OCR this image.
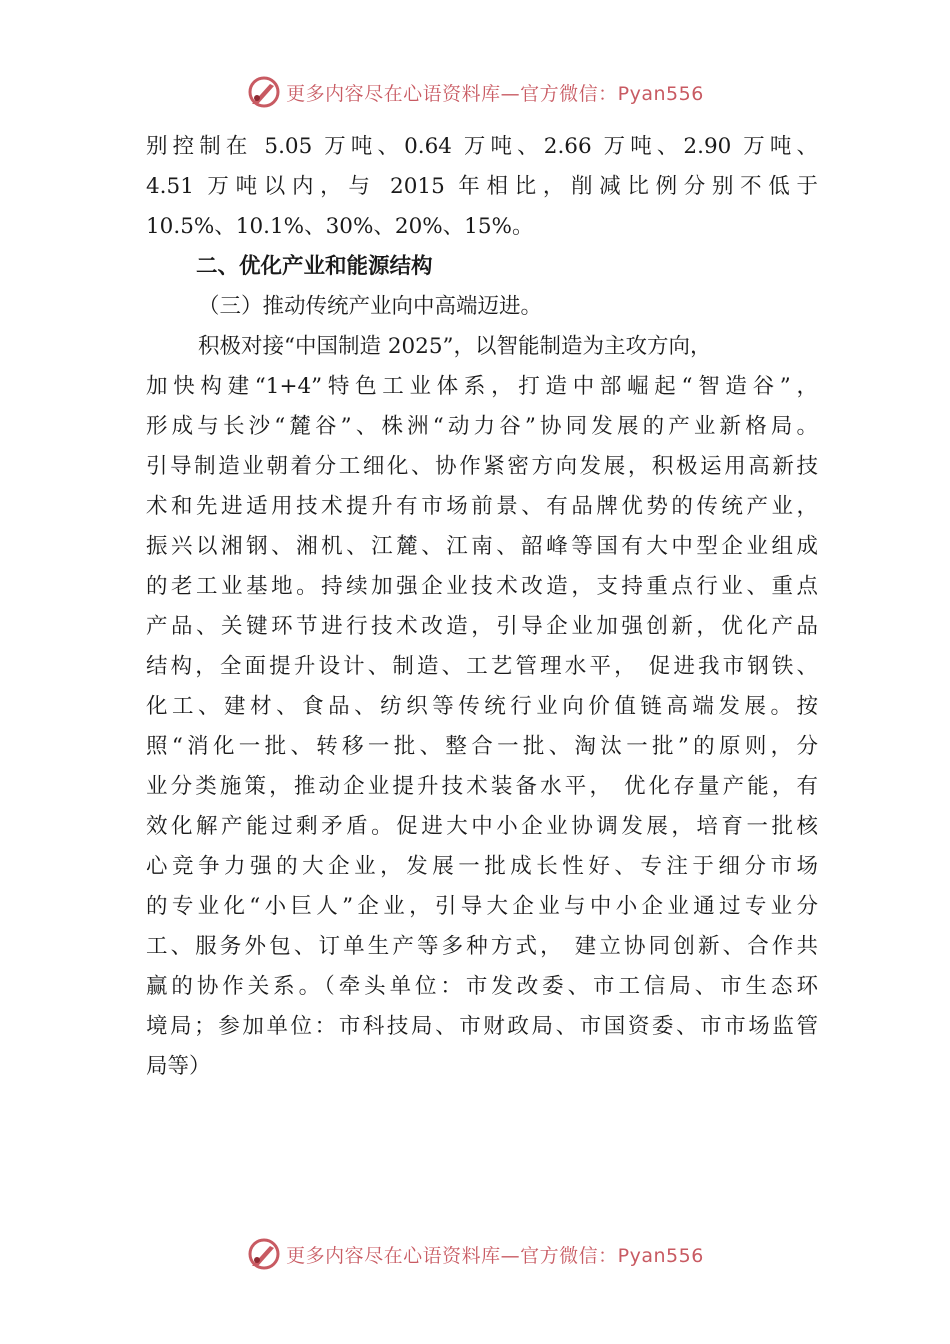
更多内容尽在心语资料库—官方微信：Pyan556
别控制在 5.05 万吨、0.64 万吨、2.66 万吨、2.90 万吨、
4.51 万吨以内，与 2015 年相比，削减比例分别不低于
10.5%、10.1%、30%、20%、15%。
二、优化产业和能源结构
（三）推动传统产业向中高端迈进。
积极对接“中国制造 2025”，以智能制造为主攻方向，
加快构建“1+4”特色工业体系，打造中部崛起“智造谷”，
形成与长沙“麓谷”、株洲“动力谷”协同发展的产业新格局。
引导制造业朝着分工细化、协作紧密方向发展，积极运用高新技
术和先进适用技术提升有市场前景、有品牌优势的传统产业，
振兴以湘钢、湘机、江麓、江南、韶峰等国有大中型企业组成
的老工业基地。持续加强企业技术改造，支持重点行业、重点
产品、关键环节进行技术改造，引导企业加强创新，优化产品
结构，全面提升设计、制造、工艺管理水平， 促进我市钢铁、
化工、建材、食品、纺织等传统行业向价值链高端发展。按
照“消化一批、转移一批、整合一批、淘汰一批”的原则，分
业分类施策，推动企业提升技术装备水平， 优化存量产能，有
效化解产能过剩矛盾。促进大中小企业协调发展，培育一批核
心竞争力强的大企业，发展一批成长性好、专注于细分市场
的专业化“小巨人”企业，引导大企业与中小企业通过专业分
工、服务外包、订单生产等多种方式， 建立协同创新、合作共
赢的协作关系。（牵头单位：市发改委、市工信局、市生态环
境局；参加单位：市科技局、市财政局、市国资委、市市场监管
局等）
更多内容尽在心语资料库—官方微信：Pyan556
